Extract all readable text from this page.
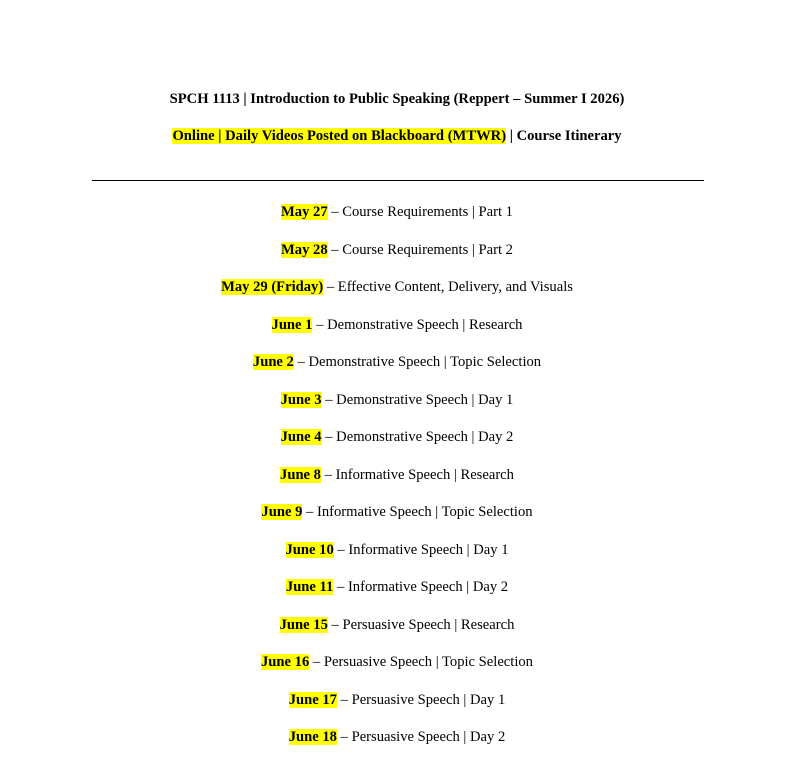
SPCH 1113 | Introduction to Public Speaking (Reppert – Summer I 2026)
Online | Daily Videos Posted on Blackboard (MTWR) | Course Itinerary
May 27 – Course Requirements | Part 1
May 28 – Course Requirements | Part 2
May 29 (Friday) – Effective Content, Delivery, and Visuals
June 1 – Demonstrative Speech | Research
June 2 – Demonstrative Speech | Topic Selection
June 3 – Demonstrative Speech | Day 1
June 4 – Demonstrative Speech | Day 2
June 8 – Informative Speech | Research
June 9 – Informative Speech | Topic Selection
June 10 – Informative Speech | Day 1
June 11 – Informative Speech | Day 2
June 15 – Persuasive Speech | Research
June 16 – Persuasive Speech | Topic Selection
June 17 – Persuasive Speech | Day 1
June 18 – Persuasive Speech | Day 2
